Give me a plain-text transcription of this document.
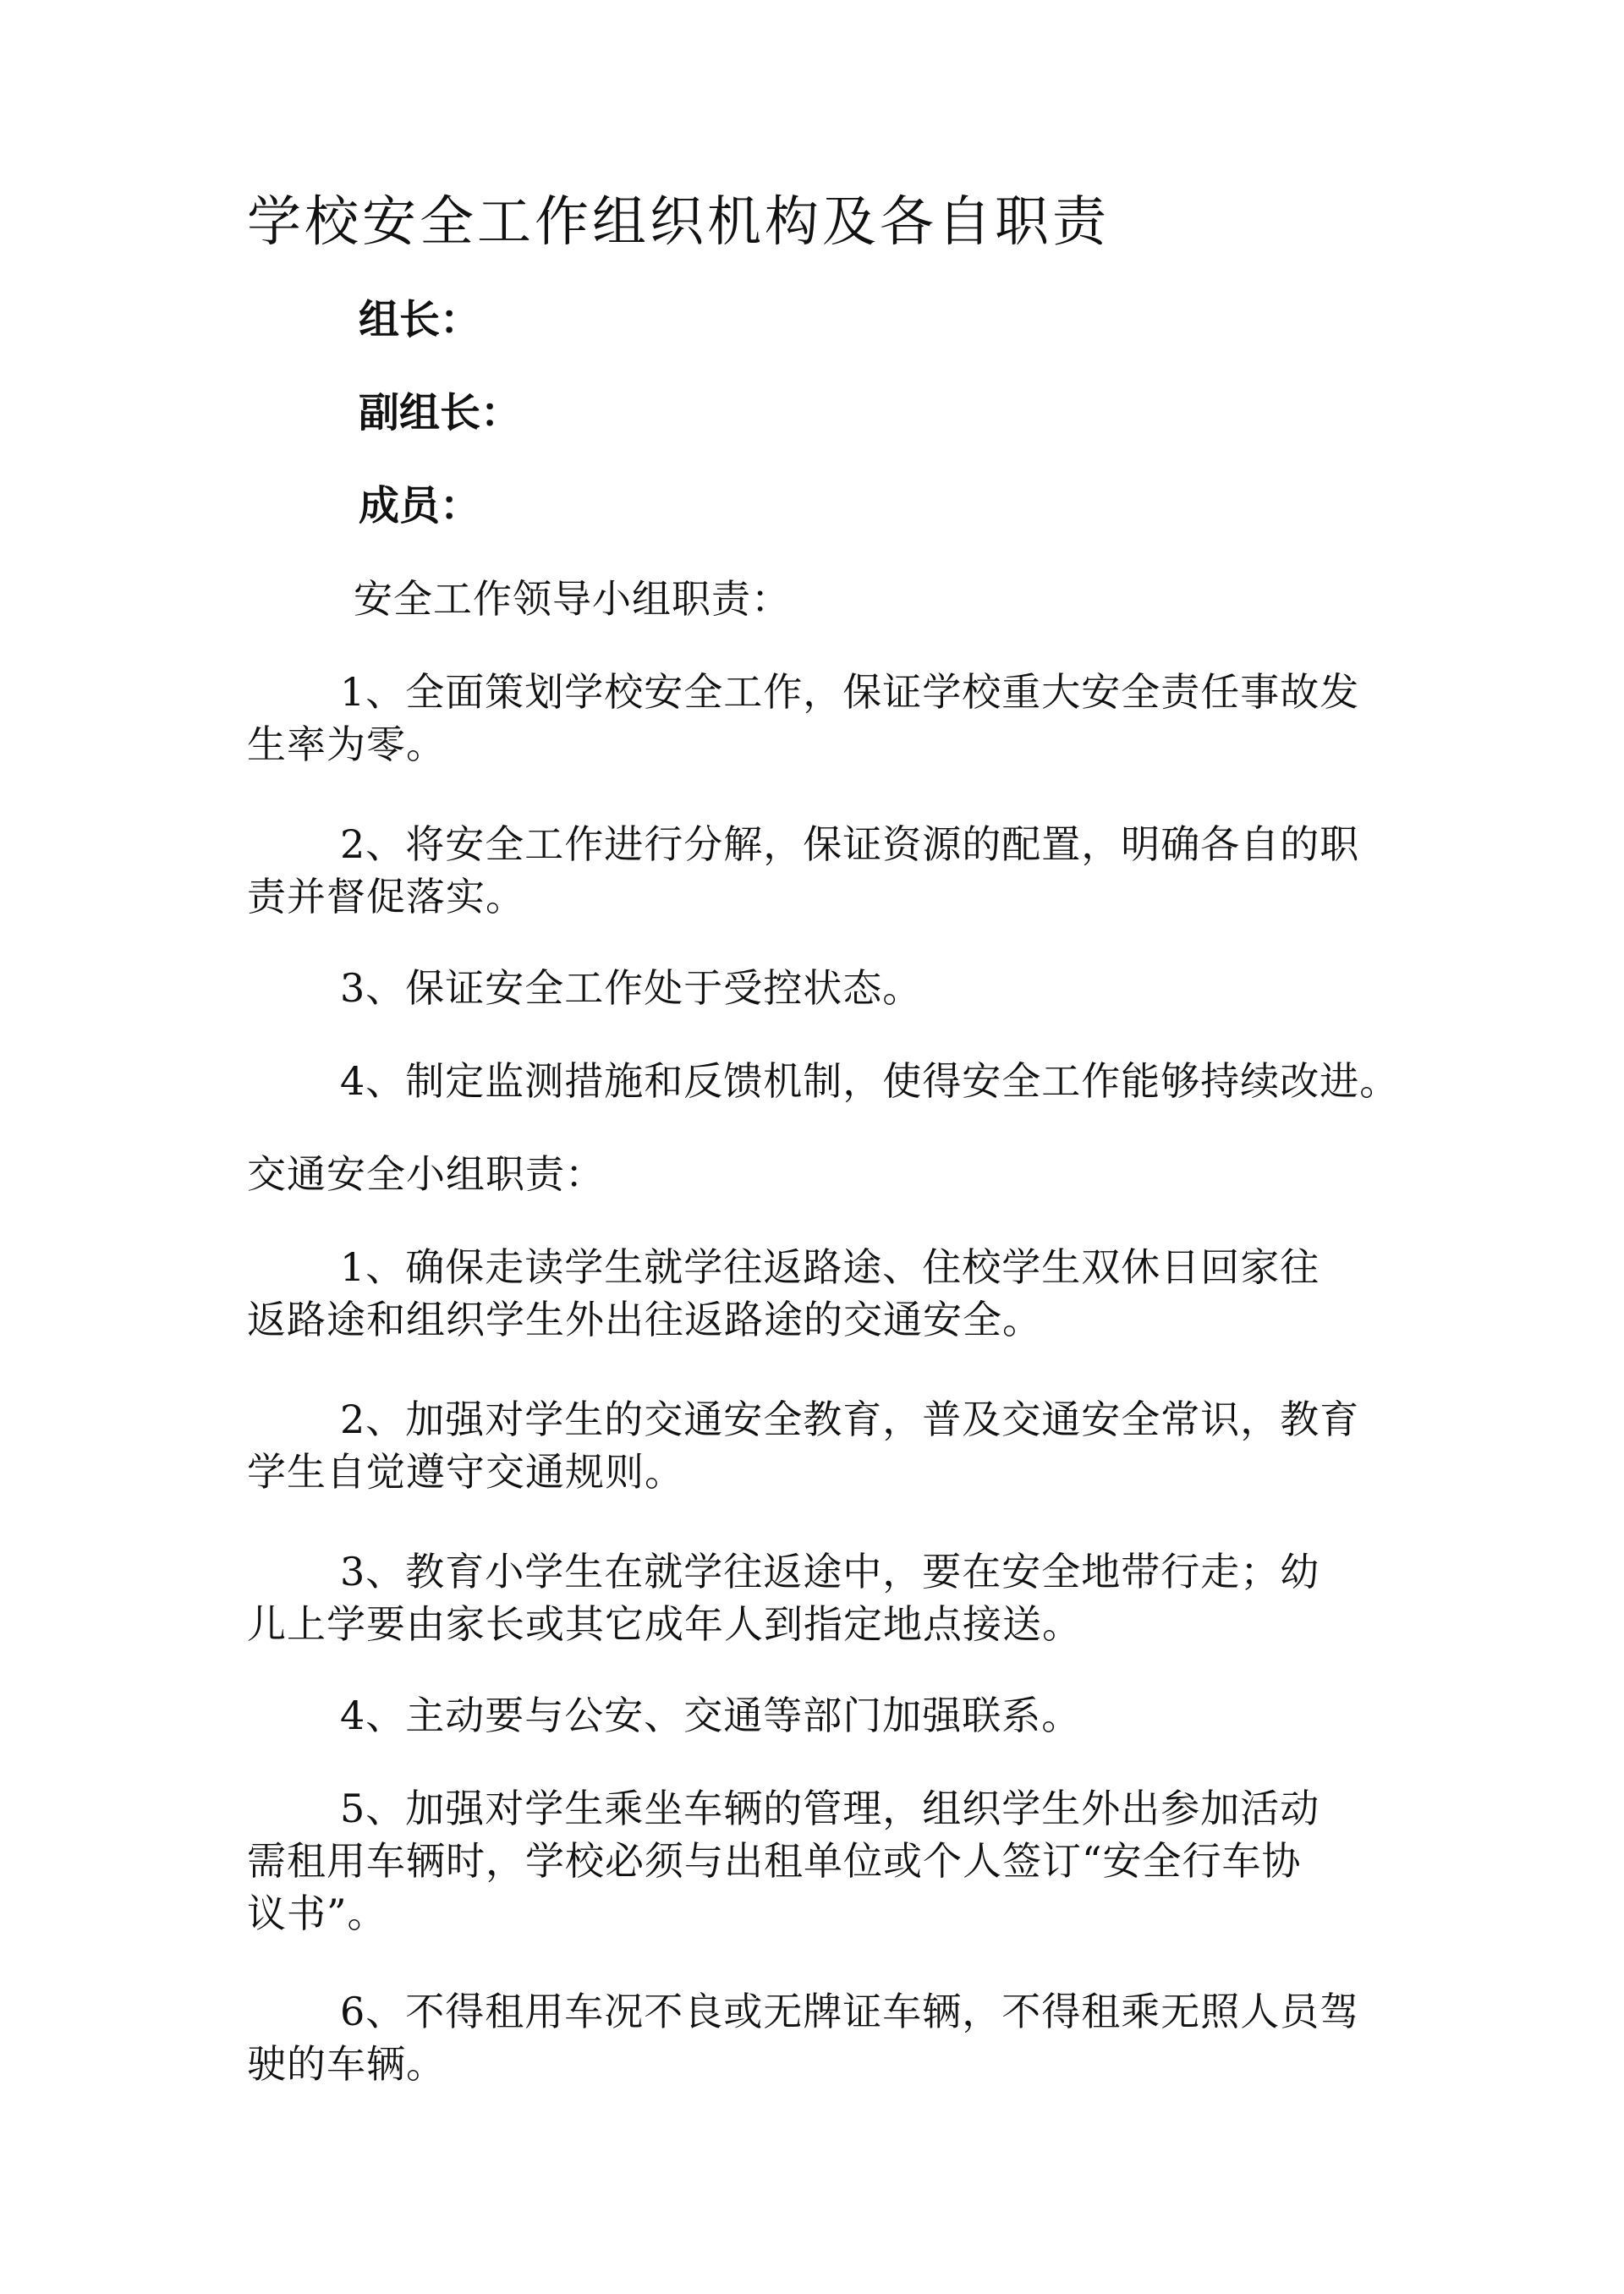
学校安全工作组织机构及各自职责
组长：
副组长：
成员：
安全工作领导小组职责：
1、全面策划学校安全工作，保证学校重大安全责任事故发
生率为零。
2、将安全工作进行分解，保证资源的配置，明确各自的职
责并督促落实。
3、保证安全工作处于受控状态。
4、制定监测措施和反馈机制，使得安全工作能够持续改进。
交通安全小组职责：
1、确保走读学生就学往返路途、住校学生双休日回家往
返路途和组织学生外出往返路途的交通安全。
2、加强对学生的交通安全教育，普及交通安全常识，教育
学生自觉遵守交通规则。
3、教育小学生在就学往返途中，要在安全地带行走；幼
儿上学要由家长或其它成年人到指定地点接送。
4、主动要与公安、交通等部门加强联系。
5、加强对学生乘坐车辆的管理，组织学生外出参加活动
需租用车辆时，学校必须与出租单位或个人签订“安全行车协
议书”。
6、不得租用车况不良或无牌证车辆，不得租乘无照人员驾
驶的车辆。
